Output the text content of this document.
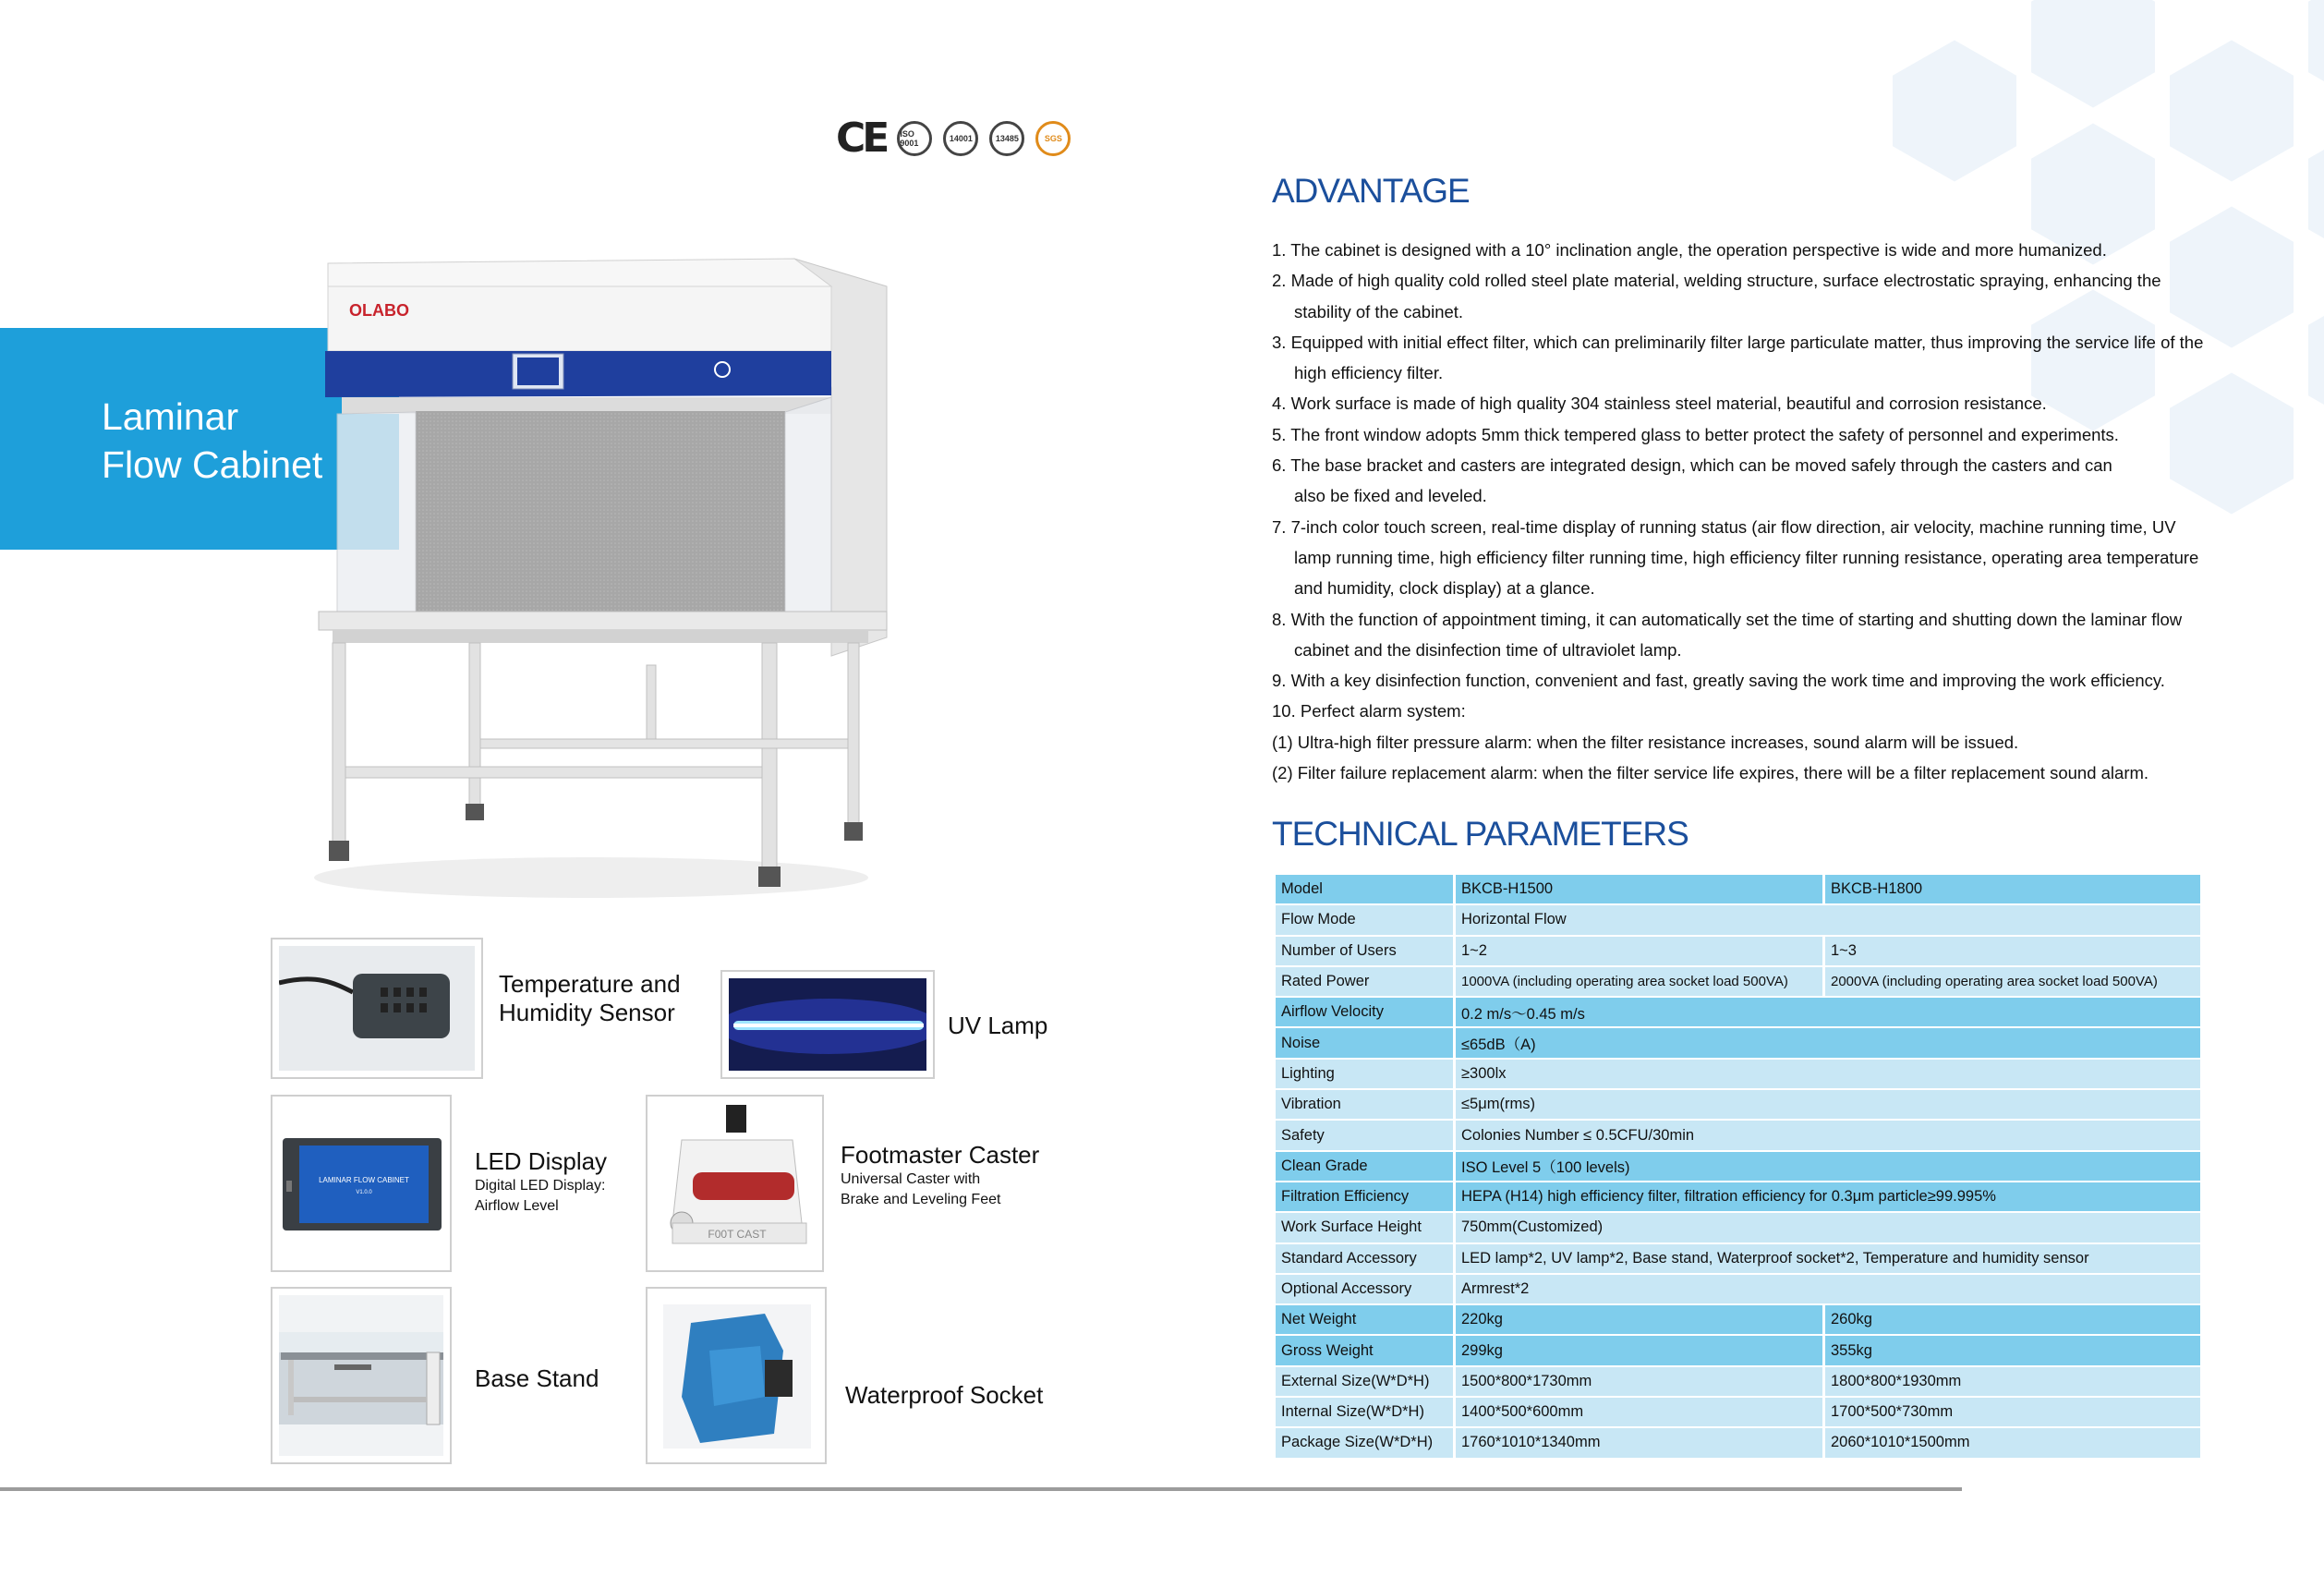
CE	ISO 9001	14001	13485	SGS
Laminar
Flow Cabinet
OLABO
Temperature and
Humidity Sensor	UV Lamp
LAMINAR FLOW CABINET
V1.0.0
LED Display
Digital LED Display:
Airflow Level
F00T CAST
Footmaster Caster
Universal Caster with
Brake and Leveling Feet
Base Stand
Waterproof Socket
ADVANTAGE
1. The cabinet is designed with a 10° inclination angle, the operation perspective is wide and more humanized.
2. Made of high quality cold rolled steel plate material, welding structure, surface electrostatic spraying, enhancing the stability of the cabinet.
3. Equipped with initial effect filter, which can preliminarily filter large particulate matter, thus improving the service life of the high efficiency filter.
4. Work surface is made of high quality 304 stainless steel material, beautiful and corrosion resistance.
5. The front window adopts 5mm thick tempered glass to better protect the safety of personnel and experiments.
6. The base bracket and casters are integrated design, which can be moved safely through the casters and can also be fixed and leveled.
7. 7-inch color touch screen, real-time display of running status (air flow direction, air velocity, machine running time, UV lamp running time, high efficiency filter running time, high efficiency filter running resistance, operating area temperature and humidity, clock display) at a glance.
8. With the function of appointment timing, it can automatically set the time of starting and shutting down the laminar flow cabinet and the disinfection time of ultraviolet lamp.
9. With a key disinfection function, convenient and fast, greatly saving the work time and improving the work efficiency.
10. Perfect alarm system:
(1) Ultra-high filter pressure alarm: when the filter resistance increases, sound alarm will be issued.
(2) Filter failure replacement alarm: when the filter service life expires, there will be a filter replacement sound alarm.
TECHNICAL PARAMETERS
Model	BKCB-H1500	BKCB-H1800
Flow Mode	Horizontal Flow	
Number of Users	1~2	1~3
Rated Power	1000VA (including operating area socket load 500VA)	2000VA (including operating area socket load 500VA)
Airflow Velocity	0.2 m/s～0.45 m/s	
Noise	≤65dB（A)	
Lighting	≥300lx	
Vibration	≤5μm(rms)	
Safety	Colonies Number ≤ 0.5CFU/30min	
Clean Grade	ISO Level 5（100 levels)	
Filtration Efficiency	HEPA (H14) high efficiency filter, filtration efficiency for 0.3μm particle≥99.995%	
Work Surface Height	750mm(Customized)	
Standard Accessory	LED lamp*2, UV lamp*2, Base stand, Waterproof socket*2, Temperature and humidity sensor	
Optional Accessory	Armrest*2	
Net Weight	220kg	260kg
Gross Weight	299kg	355kg
External Size(W*D*H)	1500*800*1730mm	1800*800*1930mm
Internal Size(W*D*H)	1400*500*600mm	1700*500*730mm
Package Size(W*D*H)	1760*1010*1340mm	2060*1010*1500mm
